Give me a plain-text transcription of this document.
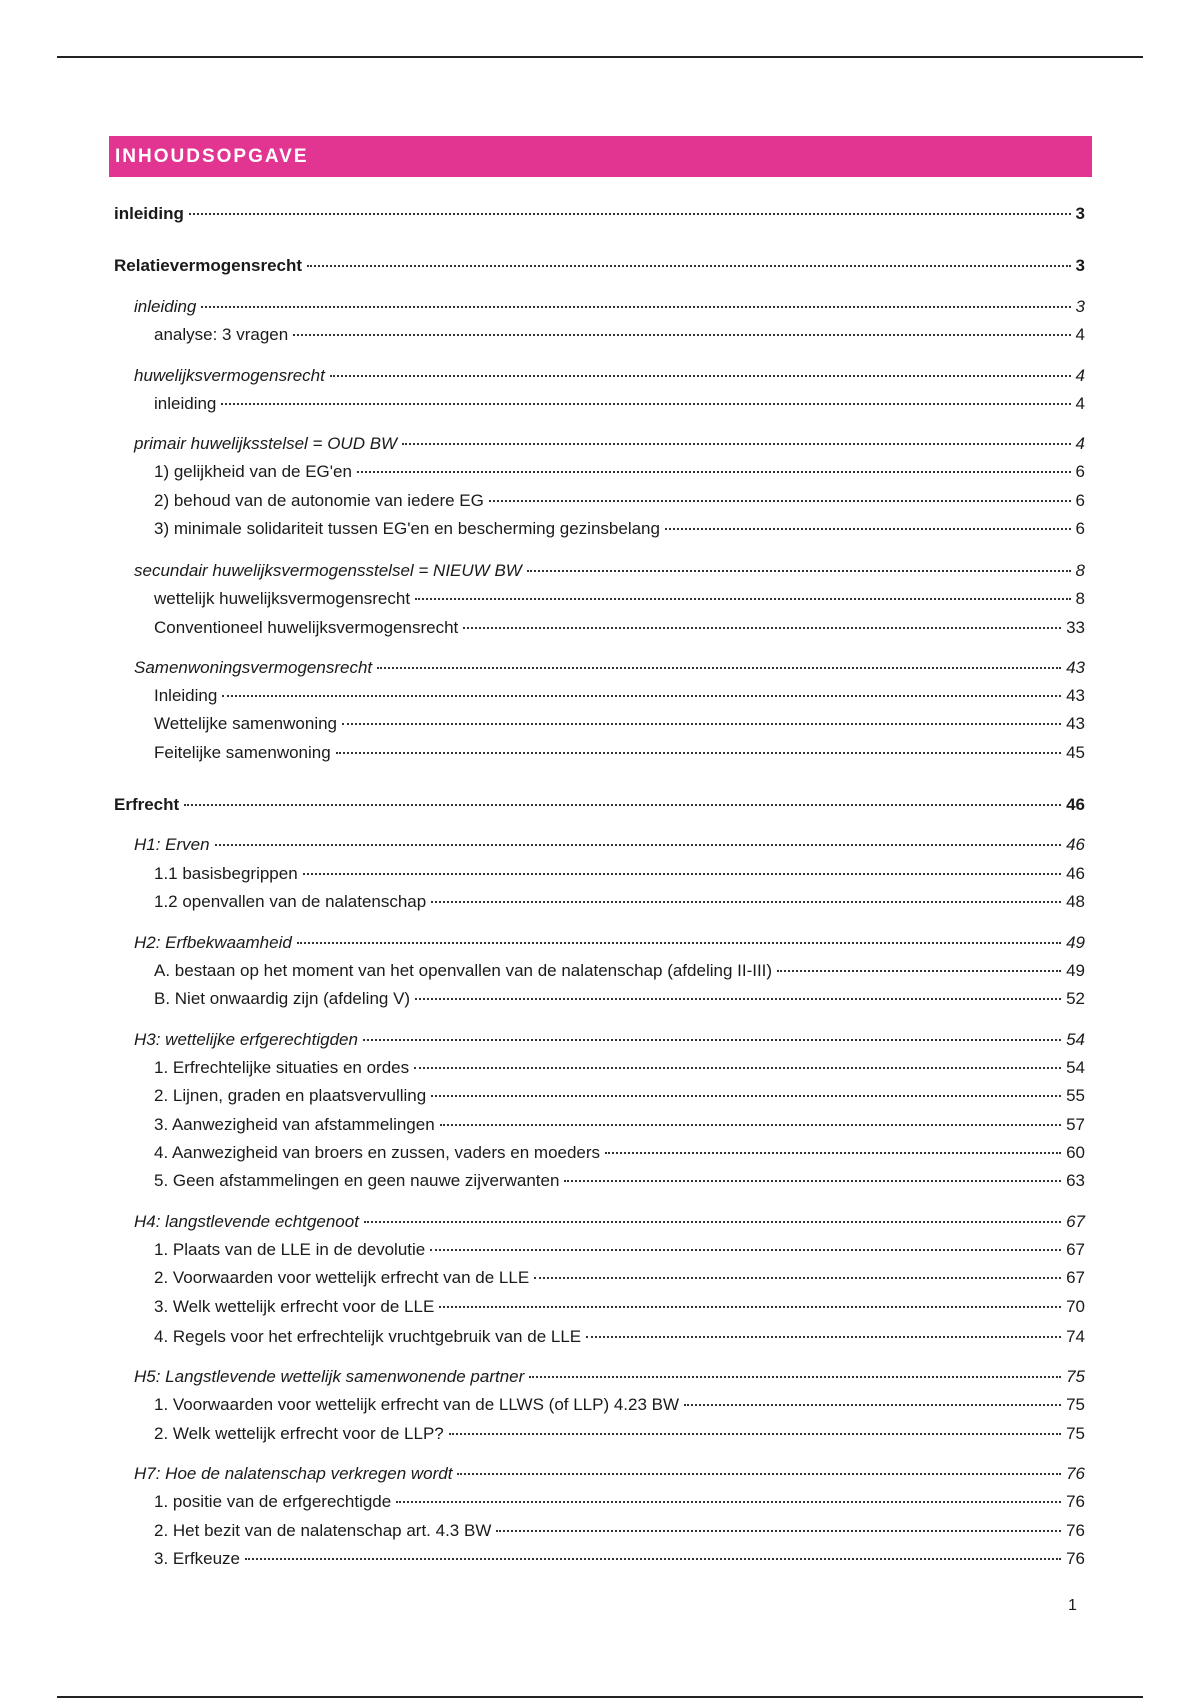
INHOUDSOPGAVE
inleiding	3
Relatievermogensrecht	3
inleiding	3
analyse: 3 vragen	4
huwelijksvermogensrecht	4
inleiding	4
primair huwelijksstelsel = OUD BW	4
1) gelijkheid van de EG'en	6
2) behoud van de autonomie van iedere EG	6
3) minimale solidariteit tussen EG'en en bescherming gezinsbelang	6
secundair huwelijksvermogensstelsel = NIEUW BW	8
wettelijk huwelijksvermogensrecht	8
Conventioneel huwelijksvermogensrecht	33
Samenwoningsvermogensrecht	43
Inleiding	43
Wettelijke samenwoning	43
Feitelijke samenwoning	45
Erfrecht	46
H1: Erven	46
1.1 basisbegrippen	46
1.2 openvallen van de nalatenschap	48
H2: Erfbekwaamheid	49
A. bestaan op het moment van het openvallen van de nalatenschap (afdeling II-III)	49
B. Niet onwaardig zijn (afdeling V)	52
H3: wettelijke erfgerechtigden	54
1. Erfrechtelijke situaties en ordes	54
2. Lijnen, graden en plaatsvervulling	55
3. Aanwezigheid van afstammelingen	57
4. Aanwezigheid van broers en zussen, vaders en moeders	60
5. Geen afstammelingen en geen nauwe zijverwanten	63
H4: langstlevende echtgenoot	67
1. Plaats van de LLE in de devolutie	67
2. Voorwaarden voor wettelijk erfrecht van de LLE	67
3. Welk wettelijk erfrecht voor de LLE	70
4. Regels voor het erfrechtelijk vruchtgebruik van de LLE	74
H5: Langstlevende wettelijk samenwonende partner	75
1. Voorwaarden voor wettelijk erfrecht van de LLWS (of LLP) 4.23 BW	75
2. Welk wettelijk erfrecht voor de LLP?	75
H7: Hoe de nalatenschap verkregen wordt	76
1. positie van de erfgerechtigde	76
2. Het bezit van de nalatenschap art. 4.3 BW	76
3. Erfkeuze	76
1
